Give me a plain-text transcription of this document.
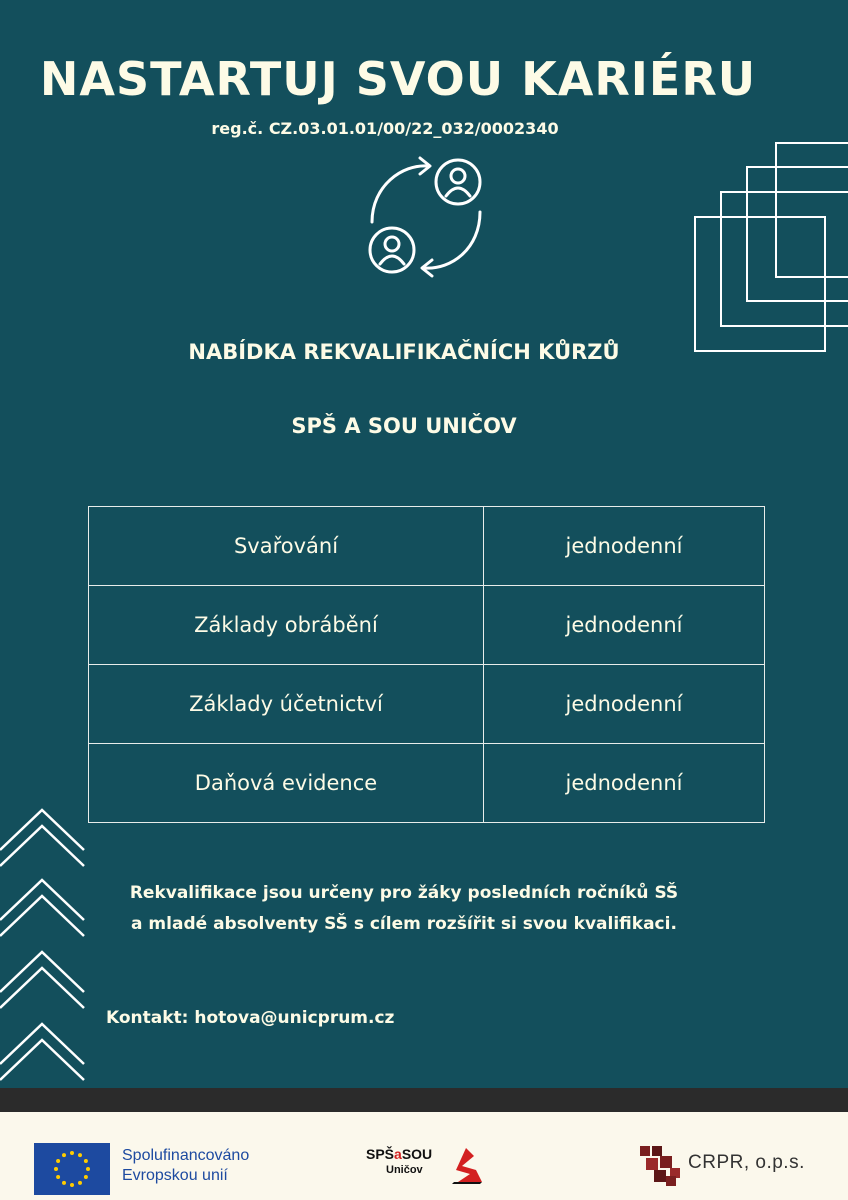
NASTARTUJ SVOU KARIÉRU
reg.č. CZ.03.01.01/00/22_032/0002340
NABÍDKA REKVALIFIKAČNÍCH KŮRZŮ
SPŠ A SOU UNIČOV
Svařování	jednodenní
Základy obrábění	jednodenní
Základy účetnictví	jednodenní
Daňová evidence	jednodenní
Rekvalifikace jsou určeny pro žáky posledních ročníků SŠ
a mladé absolventy SŠ s cílem rozšířit si svou kvalifikaci.
Kontakt: hotova@unicprum.cz
Spolufinancováno
Evropskou unií
SPŠaSOU
Uničov	CRPR, o.p.s.
